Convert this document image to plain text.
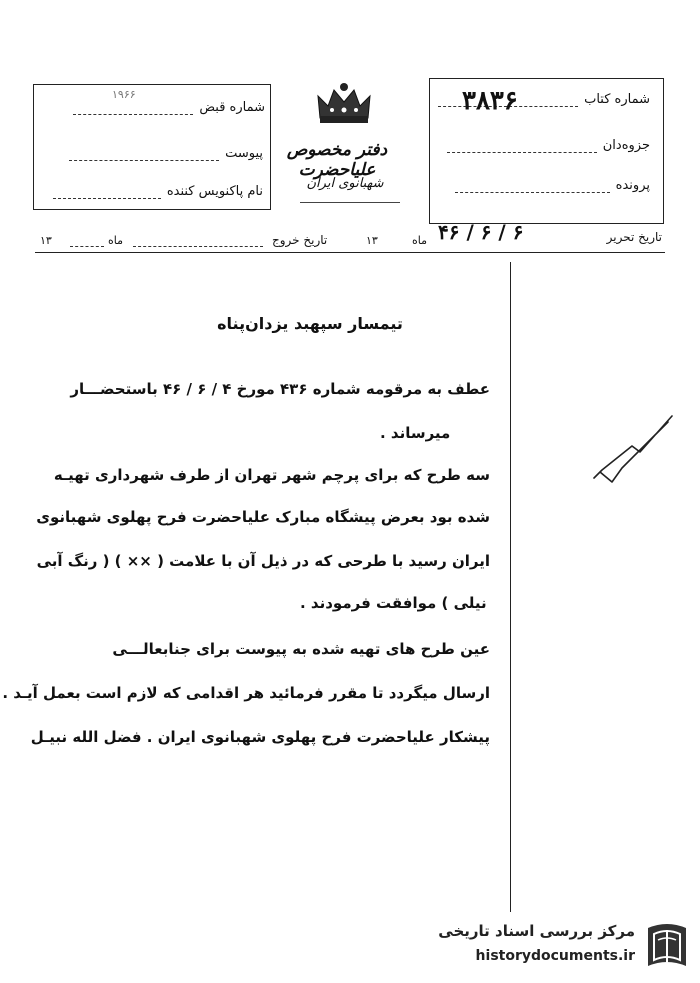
۱۹۶۶
شماره قبض
پیوست
نام پاکنویس کننده
دفتر مخصوص علیاحضرت
شهبانوی ایران
شماره کتاب
۳۸۳۶
جزوه‌دان
پرونده
تاریخ تحریر
۶ / ۶ / ۴۶
ماه
۱۳
تاریخ خروج
ماه
۱۳
تیمسار سپهبد یزدان‌پناه
عطف به مرقومه شماره ۴۳۶ مورخ ۴ / ۶ / ۴۶ باستحضـــار
میرساند .
سه طرح که برای پرچم شهر تهران از طرف شهرداری تهیـه
شده بود بعرض پیشگاه مبارک علیاحضرت فرح پهلوی شهبانوی
ایران رسید با طرحی که در ذیل آن با علامت ( ×× ) ( رنگ آبی
نیلی ) موافقت فرمودند .
عین طرح های تهیه شده به پیوست برای جنابعالـــی
ارسال میگردد تا مقرر فرمائید هر اقدامی که لازم است بعمل آیـد .
پیشکار علیاحضرت فرح پهلوی شهبانوی ایران . فضل الله نبیـل
مرکز بررسی اسناد تاریخی
historydocuments.ir
